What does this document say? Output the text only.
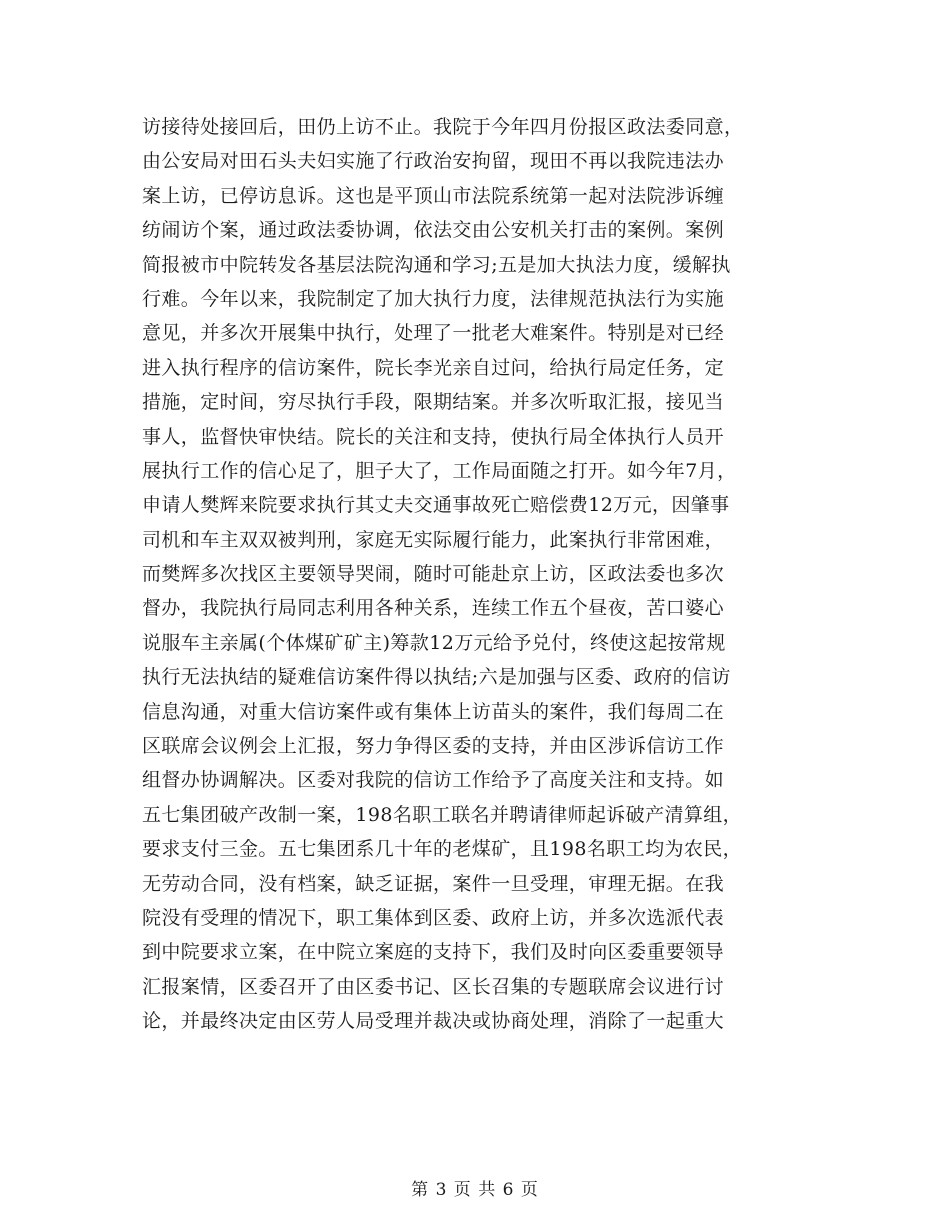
访接待处接回后，田仍上访不止。我院于今年四月份报区政法委同意，
由公安局对田石头夫妇实施了行政治安拘留，现田不再以我院违法办
案上访，已停访息诉。这也是平顶山市法院系统第一起对法院涉诉缠
纺闹访个案，通过政法委协调，依法交由公安机关打击的案例。案例
简报被市中院转发各基层法院沟通和学习;五是加大执法力度，缓解执
行难。今年以来，我院制定了加大执行力度，法律规范执法行为实施
意见，并多次开展集中执行，处理了一批老大难案件。特别是对已经
进入执行程序的信访案件，院长李光亲自过问，给执行局定任务，定
措施，定时间，穷尽执行手段，限期结案。并多次听取汇报，接见当
事人，监督快审快结。院长的关注和支持，使执行局全体执行人员开
展执行工作的信心足了，胆子大了，工作局面随之打开。如今年7月，
申请人樊辉来院要求执行其丈夫交通事故死亡赔偿费12万元，因肇事
司机和车主双双被判刑，家庭无实际履行能力，此案执行非常困难，
而樊辉多次找区主要领导哭闹，随时可能赴京上访，区政法委也多次
督办，我院执行局同志利用各种关系，连续工作五个昼夜，苦口婆心
说服车主亲属(个体煤矿矿主)筹款12万元给予兑付，终使这起按常规
执行无法执结的疑难信访案件得以执结;六是加强与区委、政府的信访
信息沟通，对重大信访案件或有集体上访苗头的案件，我们每周二在
区联席会议例会上汇报，努力争得区委的支持，并由区涉诉信访工作
组督办协调解决。区委对我院的信访工作给予了高度关注和支持。如
五七集团破产改制一案，198名职工联名并聘请律师起诉破产清算组，
要求支付三金。五七集团系几十年的老煤矿，且198名职工均为农民，
无劳动合同，没有档案，缺乏证据，案件一旦受理，审理无据。在我
院没有受理的情况下，职工集体到区委、政府上访，并多次选派代表
到中院要求立案，在中院立案庭的支持下，我们及时向区委重要领导
汇报案情，区委召开了由区委书记、区长召集的专题联席会议进行讨
论，并最终决定由区劳人局受理并裁决或协商处理，消除了一起重大
第 3 页 共 6 页
